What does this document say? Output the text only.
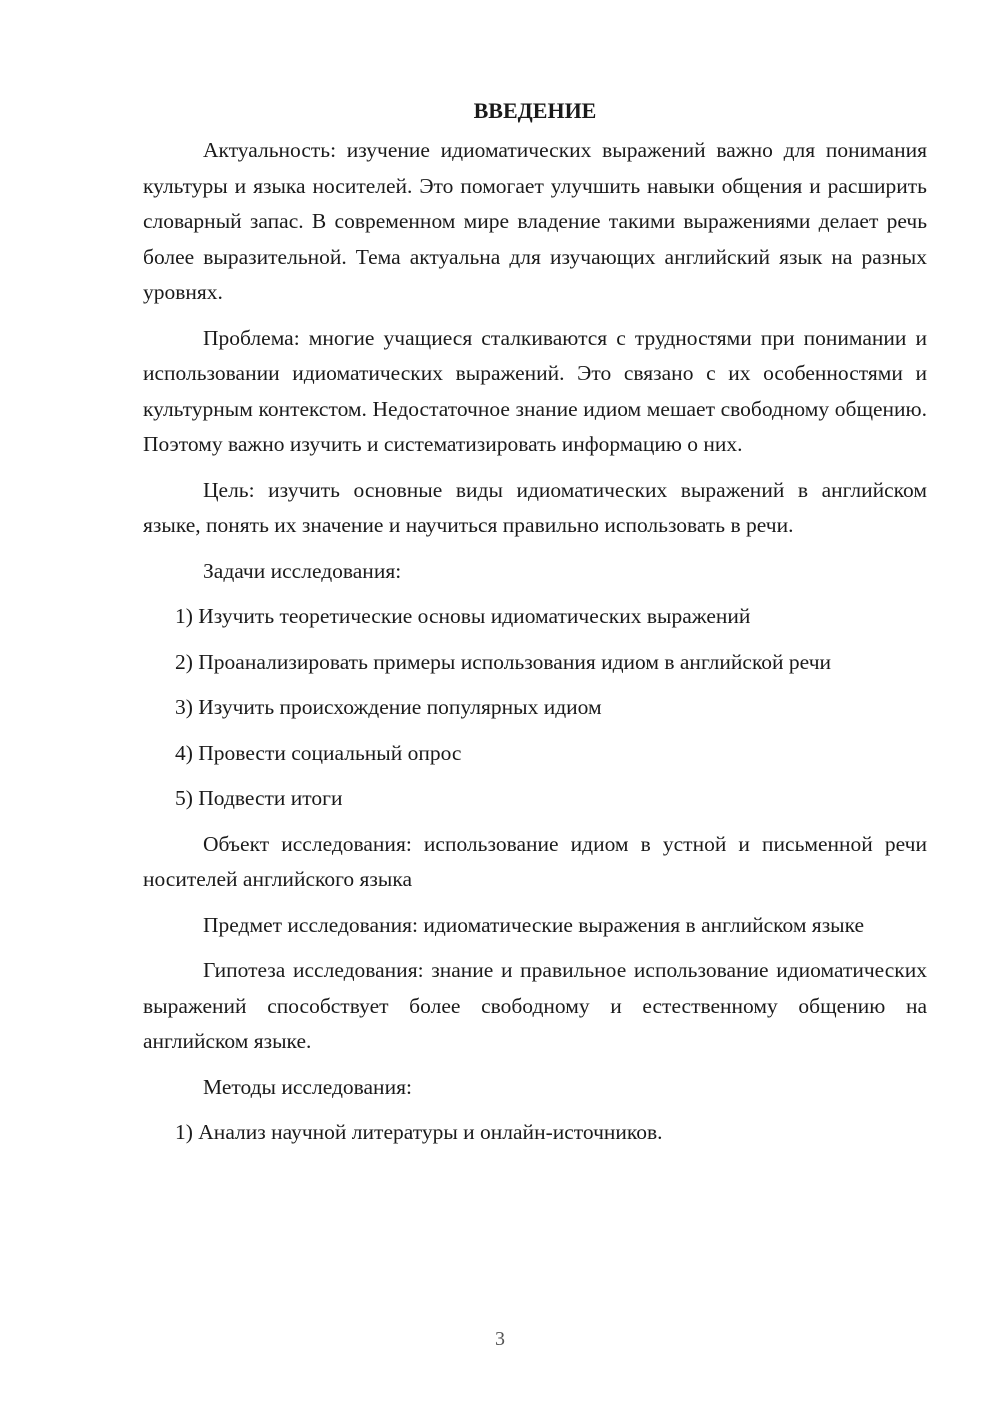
ВВЕДЕНИЕ

Актуальность: изучение идиоматических выражений важно для понимания культуры и языка носителей. Это помогает улучшить навыки общения и расширить словарный запас. В современном мире владение такими выражениями делает речь более выразительной. Тема актуальна для изучающих английский язык на разных уровнях.

Проблема: многие учащиеся сталкиваются с трудностями при понимании и использовании идиоматических выражений. Это связано с их особенностями и культурным контекстом. Недостаточное знание идиом мешает свободному общению. Поэтому важно изучить и систематизировать информацию о них.

Цель: изучить основные виды идиоматических выражений в английском языке, понять их значение и научиться правильно использовать в речи.

Задачи исследования:

1) Изучить теоретические основы идиоматических выражений

2) Проанализировать примеры использования идиом в английской речи

3) Изучить происхождение популярных идиом

4) Провести социальный опрос

5) Подвести итоги

Объект исследования: использование идиом в устной и письменной речи носителей английского языка

Предмет исследования: идиоматические выражения в английском языке

Гипотеза исследования: знание и правильное использование идиоматических выражений способствует более свободному и естественному общению на английском языке.

Методы исследования:

1) Анализ научной литературы и онлайн-источников.

3
